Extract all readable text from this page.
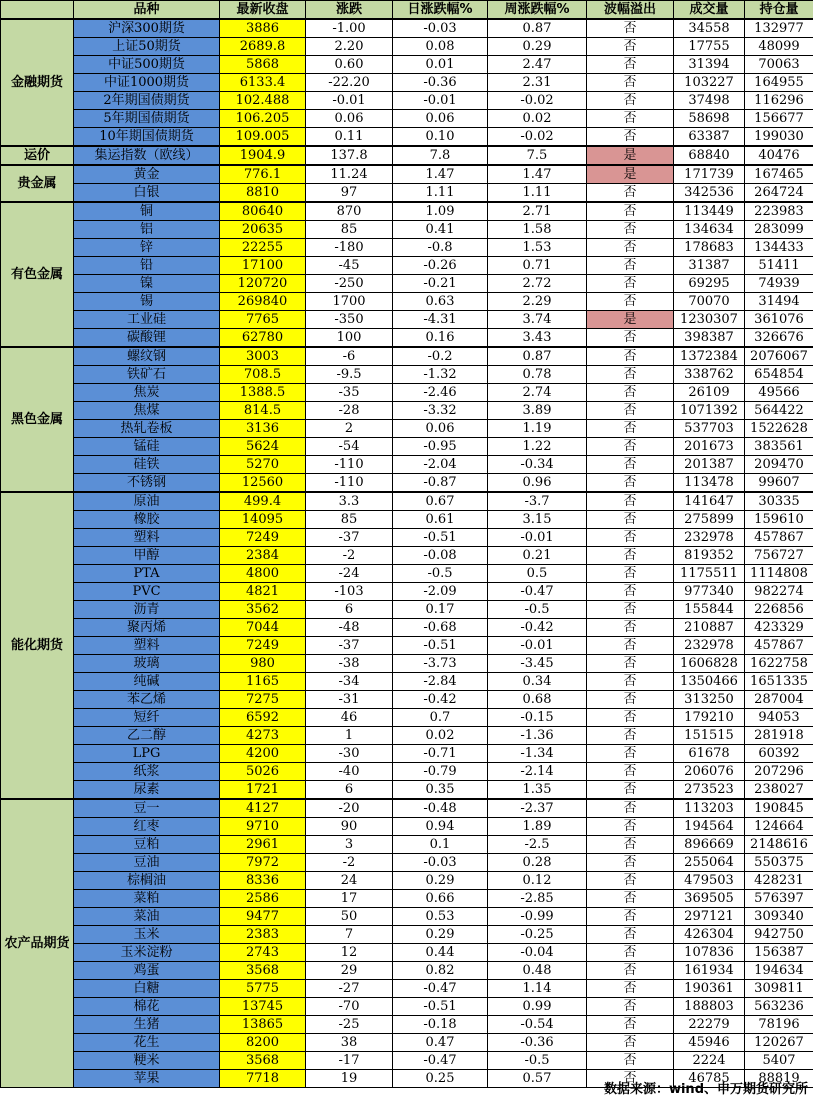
	品种	最新收盘	涨跌	日涨跌幅%	周涨跌幅%	波幅溢出	成交量	持仓量
金融期货	沪深300期货	3886	-1.00	-0.03	0.87	否	34558	132977
	上证50期货	2689.8	2.20	0.08	0.29	否	17755	48099
	中证500期货	5868	0.60	0.01	2.47	否	31394	70063
	中证1000期货	6133.4	-22.20	-0.36	2.31	否	103227	164955
	2年期国债期货	102.488	-0.01	-0.01	-0.02	否	37498	116296
	5年期国债期货	106.205	0.06	0.06	0.02	否	58698	156677
	10年期国债期货	109.005	0.11	0.10	-0.02	否	63387	199030
运价	集运指数（欧线）	1904.9	137.8	7.8	7.5	是	68840	40476
贵金属	黄金	776.1	11.24	1.47	1.47	是	171739	167465
	白银	8810	97	1.11	1.11	否	342536	264724
有色金属	铜	80640	870	1.09	2.71	否	113449	223983
	铝	20635	85	0.41	1.58	否	134634	283099
	锌	22255	-180	-0.8	1.53	否	178683	134433
	铅	17100	-45	-0.26	0.71	否	31387	51411
	镍	120720	-250	-0.21	2.72	否	69295	74939
	锡	269840	1700	0.63	2.29	否	70070	31494
	工业硅	7765	-350	-4.31	3.74	是	1230307	361076
	碳酸锂	62780	100	0.16	3.43	否	398387	326676
黑色金属	螺纹钢	3003	-6	-0.2	0.87	否	1372384	2076067
	铁矿石	708.5	-9.5	-1.32	0.78	否	338762	654854
	焦炭	1388.5	-35	-2.46	2.74	否	26109	49566
	焦煤	814.5	-28	-3.32	3.89	否	1071392	564422
	热轧卷板	3136	2	0.06	1.19	否	537703	1522628
	锰硅	5624	-54	-0.95	1.22	否	201673	383561
	硅铁	5270	-110	-2.04	-0.34	否	201387	209470
	不锈钢	12560	-110	-0.87	0.96	否	113478	99607
能化期货	原油	499.4	3.3	0.67	-3.7	否	141647	30335
	橡胶	14095	85	0.61	3.15	否	275899	159610
	塑料	7249	-37	-0.51	-0.01	否	232978	457867
	甲醇	2384	-2	-0.08	0.21	否	819352	756727
	PTA	4800	-24	-0.5	0.5	否	1175511	1114808
	PVC	4821	-103	-2.09	-0.47	否	977340	982274
	沥青	3562	6	0.17	-0.5	否	155844	226856
	聚丙烯	7044	-48	-0.68	-0.42	否	210887	423329
	塑料	7249	-37	-0.51	-0.01	否	232978	457867
	玻璃	980	-38	-3.73	-3.45	否	1606828	1622758
	纯碱	1165	-34	-2.84	0.34	否	1350466	1651335
	苯乙烯	7275	-31	-0.42	0.68	否	313250	287004
	短纤	6592	46	0.7	-0.15	否	179210	94053
	乙二醇	4273	1	0.02	-1.36	否	151515	281918
	LPG	4200	-30	-0.71	-1.34	否	61678	60392
	纸浆	5026	-40	-0.79	-2.14	否	206076	207296
	尿素	1721	6	0.35	1.35	否	273523	238027
农产品期货	豆一	4127	-20	-0.48	-2.37	否	113203	190845
	红枣	9710	90	0.94	1.89	否	194564	124664
	豆粕	2961	3	0.1	-2.5	否	896669	2148616
	豆油	7972	-2	-0.03	0.28	否	255064	550375
	棕榈油	8336	24	0.29	0.12	否	479503	428231
	菜粕	2586	17	0.66	-2.85	否	369505	576397
	菜油	9477	50	0.53	-0.99	否	297121	309340
	玉米	2383	7	0.29	-0.25	否	426304	942750
	玉米淀粉	2743	12	0.44	-0.04	否	107836	156387
	鸡蛋	3568	29	0.82	0.48	否	161934	194634
	白糖	5775	-27	-0.47	1.14	否	190361	309811
	棉花	13745	-70	-0.51	0.99	否	188803	563236
	生猪	13865	-25	-0.18	-0.54	否	22279	78196
	花生	8200	38	0.47	-0.36	否	45946	120267
	粳米	3568	-17	-0.47	-0.5	否	2224	5407
	苹果	7718	19	0.25	0.57	否	46785	88819
数据来源：wind、申万期货研究所
